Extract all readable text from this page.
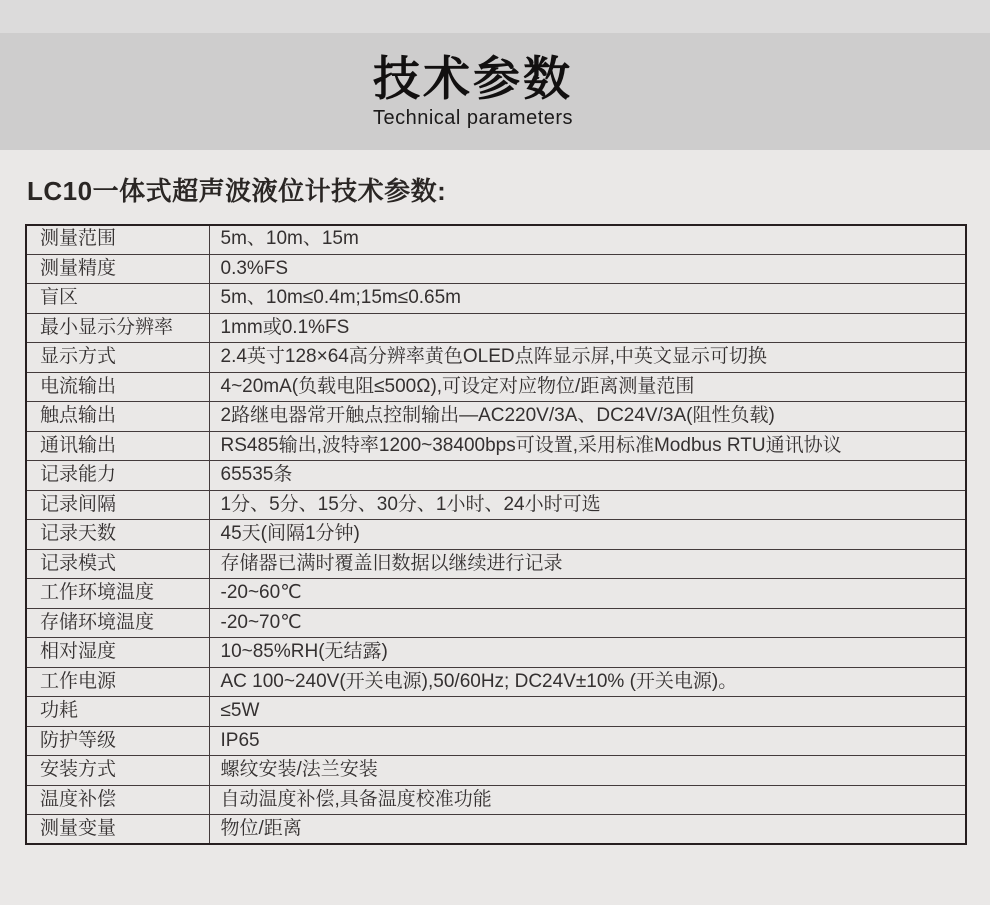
技术参数
Technical parameters
LC10一体式超声波液位计技术参数:
测量范围	5m、10m、15m
测量精度	0.3%FS
盲区	5m、10m≤0.4m;15m≤0.65m
最小显示分辨率	1mm或0.1%FS
显示方式	2.4英寸128×64高分辨率黄色OLED点阵显示屏,中英文显示可切换
电流输出	4~20mA(负载电阻≤500Ω),可设定对应物位/距离测量范围
触点输出	2路继电器常开触点控制输出—AC220V/3A、DC24V/3A(阻性负载)
通讯输出	RS485输出,波特率1200~38400bps可设置,采用标准Modbus RTU通讯协议
记录能力	65535条
记录间隔	1分、5分、15分、30分、1小时、24小时可选
记录天数	45天(间隔1分钟)
记录模式	存储器已满时覆盖旧数据以继续进行记录
工作环境温度	-20~60℃
存储环境温度	-20~70℃
相对湿度	10~85%RH(无结露)
工作电源	AC 100~240V(开关电源),50/60Hz; DC24V±10% (开关电源)。
功耗	≤5W
防护等级	IP65
安装方式	螺纹安装/法兰安装
温度补偿	自动温度补偿,具备温度校准功能
测量变量	物位/距离
